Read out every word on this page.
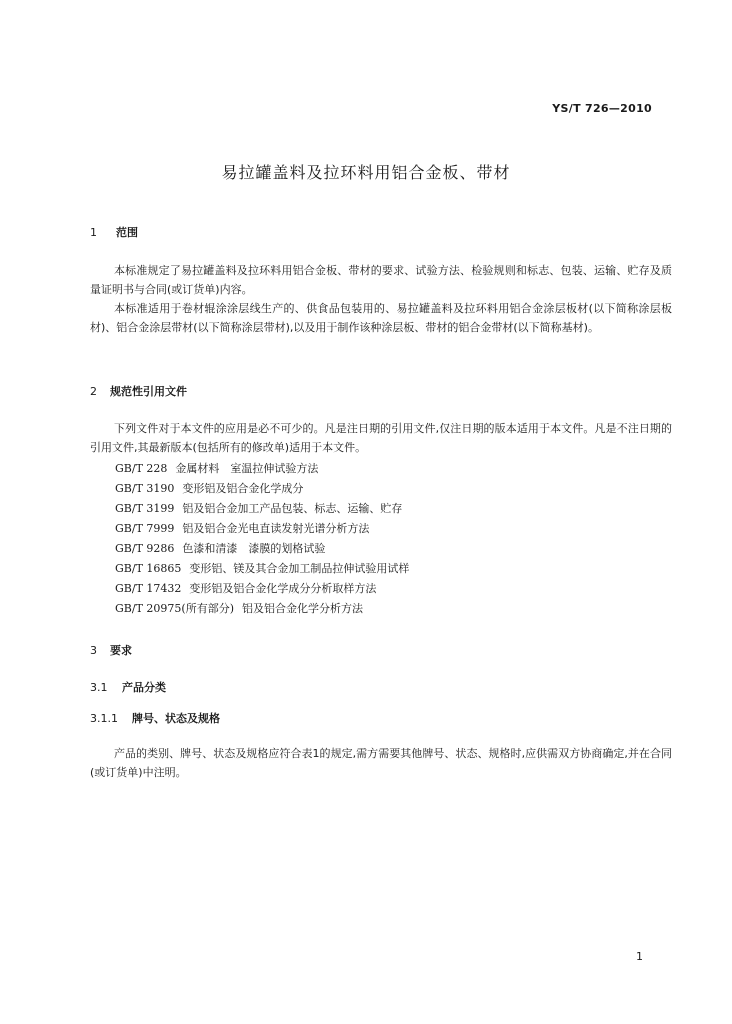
YS/T 726—2010
易拉罐盖料及拉环料用铝合金板、带材
1 范围
本标准规定了易拉罐盖料及拉环料用铝合金板、带材的要求、试验方法、检验规则和标志、包装、运输、贮存及质量证明书与合同(或订货单)内容。
本标准适用于卷材辊涂涂层线生产的、供食品包装用的、易拉罐盖料及拉环料用铝合金涂层板材(以下简称涂层板材)、铝合金涂层带材(以下简称涂层带材),以及用于制作该种涂层板、带材的铝合金带材(以下简称基材)。
2 规范性引用文件
下列文件对于本文件的应用是必不可少的。凡是注日期的引用文件,仅注日期的版本适用于本文件。凡是不注日期的引用文件,其最新版本(包括所有的修改单)适用于本文件。
GB/T 228 金属材料　室温拉伸试验方法
GB/T 3190 变形铝及铝合金化学成分
GB/T 3199 铝及铝合金加工产品包装、标志、运输、贮存
GB/T 7999 铝及铝合金光电直读发射光谱分析方法
GB/T 9286 色漆和清漆　漆膜的划格试验
GB/T 16865 变形铝、镁及其合金加工制品拉伸试验用试样
GB/T 17432 变形铝及铝合金化学成分分析取样方法
GB/T 20975(所有部分) 铝及铝合金化学分析方法
3 要求
3.1 产品分类
3.1.1 牌号、状态及规格
产品的类别、牌号、状态及规格应符合表1的规定,需方需要其他牌号、状态、规格时,应供需双方协商确定,并在合同(或订货单)中注明。
1
